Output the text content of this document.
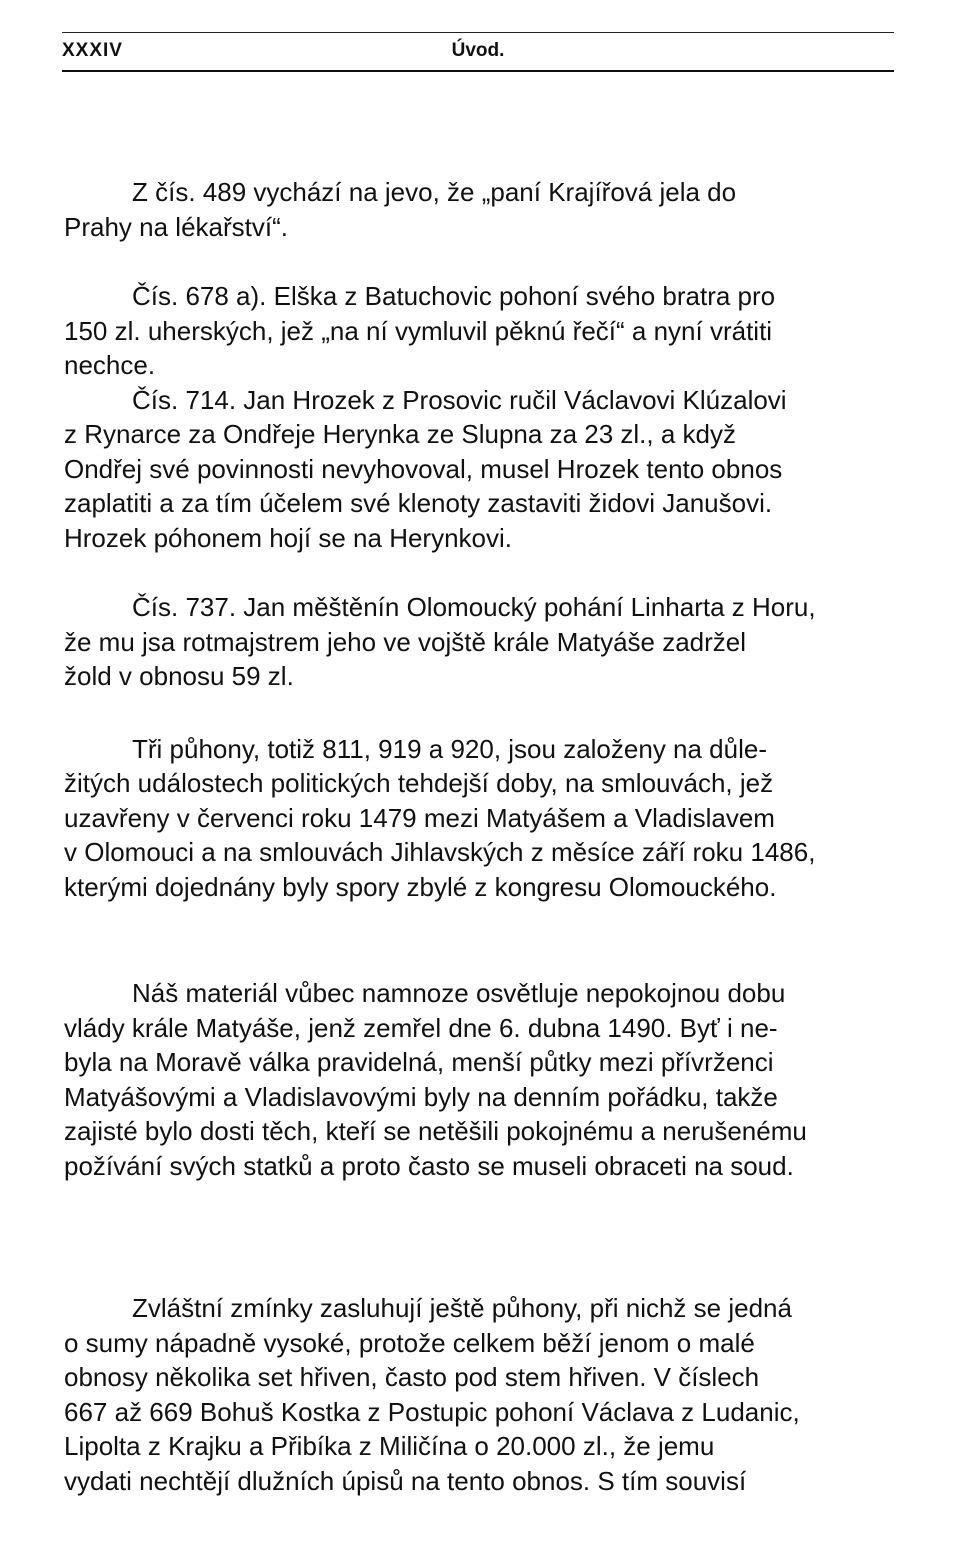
XXXIV	Úvod.

Z čís. 489 vychází na jevo, že „paní Krajířová jela do
Prahy na lékařství“.

Čís. 678 a). Elška z Batuchovic pohoní svého bratra pro
150 zl. uherských, jež „na ní vymluvil pěknú řečí“ a nyní vrátiti
nechce.

Čís. 714. Jan Hrozek z Prosovic ručil Václavovi Klúzalovi
z Rynarce za Ondřeje Herynka ze Slupna za 23 zl., a když
Ondřej své povinnosti nevyhovoval, musel Hrozek tento obnos
zaplatiti a za tím účelem své klenoty zastaviti židovi Janušovi.
Hrozek póhonem hojí se na Herynkovi.

Čís. 737. Jan měštěnín Olomoucký pohání Linharta z Horu,
že mu jsa rotmajstrem jeho ve vojště krále Matyáše zadržel
žold v obnosu 59 zl.

Tři půhony, totiž 811, 919 a 920, jsou založeny na důle-
žitých událostech politických tehdejší doby, na smlouvách, jež
uzavřeny v červenci roku 1479 mezi Matyášem a Vladislavem
v Olomouci a na smlouvách Jihlavských z měsíce září roku 1486,
kterými dojednány byly spory zbylé z kongresu Olomouckého.

Náš materiál vůbec namnoze osvětluje nepokojnou dobu
vlády krále Matyáše, jenž zemřel dne 6. dubna 1490. Byť i ne-
byla na Moravě válka pravidelná, menší půtky mezi přívrženci
Matyášovými a Vladislavovými byly na denním pořádku, takže
zajisté bylo dosti těch, kteří se netěšili pokojnému a nerušenému
požívání svých statků a proto často se museli obraceti na soud.

Zvláštní zmínky zasluhují ještě půhony, při nichž se jedná
o sumy nápadně vysoké, protože celkem běží jenom o malé
obnosy několika set hřiven, často pod stem hřiven. V číslech
667 až 669 Bohuš Kostka z Postupic pohoní Václava z Ludanic,
Lipolta z Krajku a Přibíka z Miličína o 20.000 zl., že jemu
vydati nechtějí dlužních úpisů na tento obnos. S tím souvisí
